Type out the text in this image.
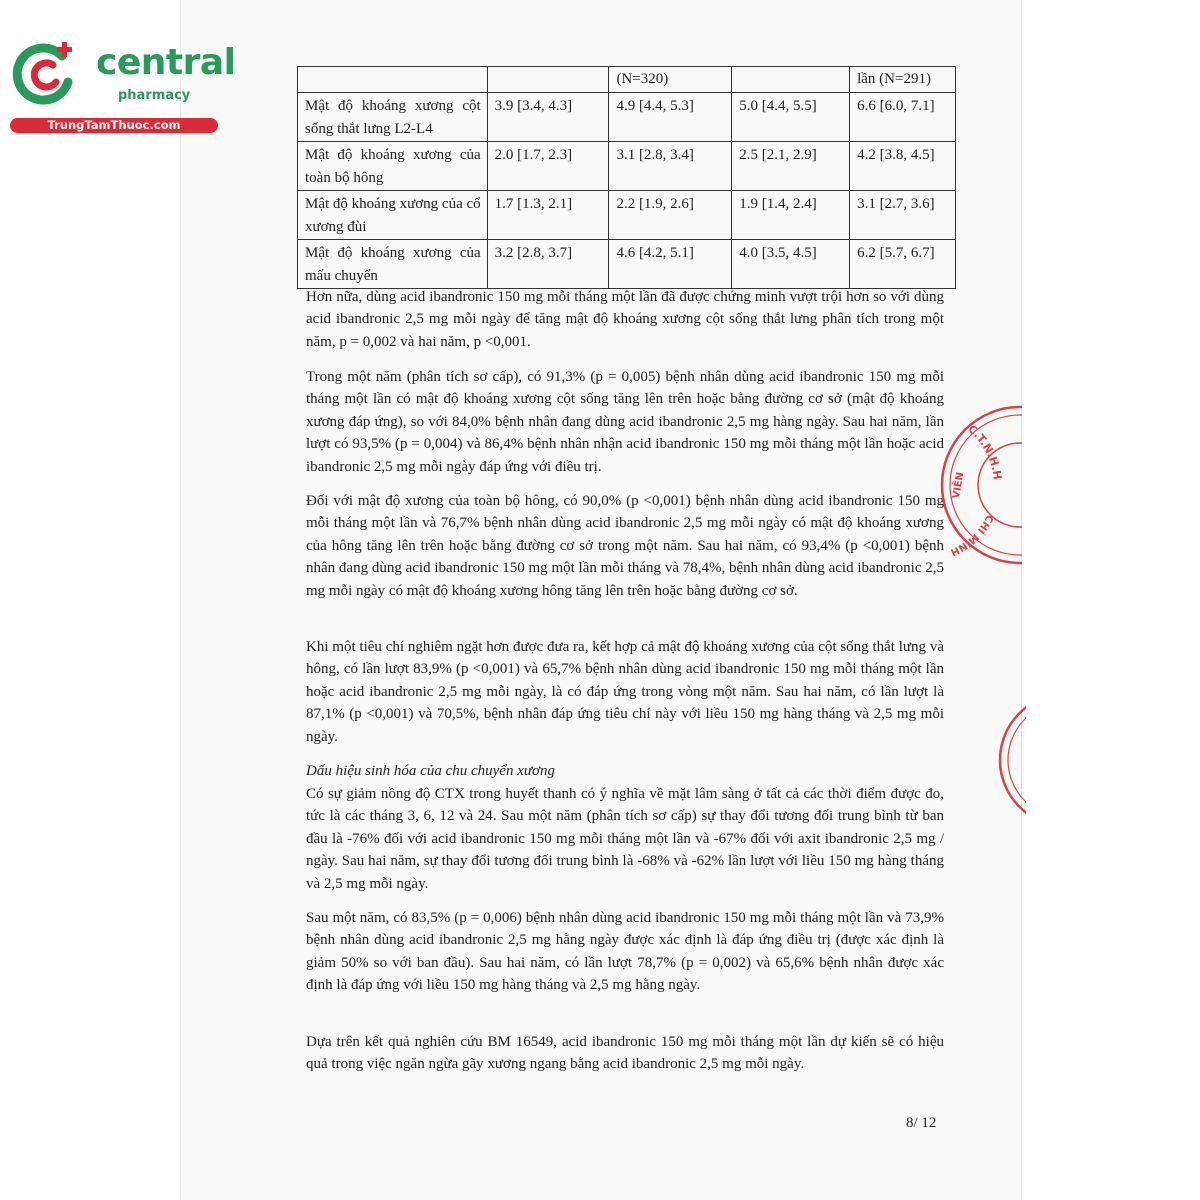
central
pharmacy
TrungTamThuoc.com
		(N=320)		lần (N=291)
Mật độ khoáng xương cột sống thắt lưng L2-L4	3.9 [3.4, 4.3]	4.9 [4.4, 5.3]	5.0 [4.4, 5.5]	6.6 [6.0, 7.1]
Mật độ khoáng xương của toàn bộ hông	2.0 [1.7, 2.3]	3.1 [2.8, 3.4]	2.5 [2.1, 2.9]	4.2 [3.8, 4.5]
Mật độ khoáng xương của cổ xương đùi	1.7 [1.3, 2.1]	2.2 [1.9, 2.6]	1.9 [1.4, 2.4]	3.1 [2.7, 3.6]
Mật độ khoáng xương của mấu chuyển	3.2 [2.8, 3.7]	4.6 [4.2, 5.1]	4.0 [3.5, 4.5]	6.2 [5.7, 6.7]

Hơn nữa, dùng acid ibandronic 150 mg mỗi tháng một lần đã được chứng minh vượt trội hơn so với dùng acid ibandronic 2,5 mg mỗi ngày để tăng mật độ khoáng xương cột sống thắt lưng phân tích trong một năm, p = 0,002 và hai năm, p <0,001.

Trong một năm (phân tích sơ cấp), có 91,3% (p = 0,005) bệnh nhân dùng acid ibandronic 150 mg mỗi tháng một lần có mật độ khoáng xương cột sống tăng lên trên hoặc bằng đường cơ sở (mật độ khoáng xương đáp ứng), so với 84,0% bệnh nhân đang dùng acid ibandronic 2,5 mg hàng ngày. Sau hai năm, lần lượt có 93,5% (p = 0,004) và 86,4% bệnh nhân nhận acid ibandronic 150 mg mỗi tháng một lần hoặc acid ibandronic 2,5 mg mỗi ngày đáp ứng với điều trị.

Đối với mật độ xương của toàn bộ hông, có 90,0% (p <0,001) bệnh nhân dùng acid ibandronic 150 mg mỗi tháng một lần và 76,7% bệnh nhân dùng acid ibandronic 2,5 mg mỗi ngày có mật độ khoáng xương của hông tăng lên trên hoặc bằng đường cơ sở trong một năm. Sau hai năm, có 93,4% (p <0,001) bệnh nhân đang dùng acid ibandronic 150 mg một lần mỗi tháng và 78,4%, bệnh nhân dùng acid ibandronic 2,5 mg mỗi ngày có mật độ khoáng xương hông tăng lên trên hoặc bằng đường cơ sở.

Khi một tiêu chí nghiêm ngặt hơn được đưa ra, kết hợp cả mật độ khoáng xương của cột sống thắt lưng và hông, có lần lượt 83,9% (p <0,001) và 65,7% bệnh nhân dùng acid ibandronic 150 mg mỗi tháng một lần hoặc acid ibandronic 2,5 mg mỗi ngày, là có đáp ứng trong vòng một năm. Sau hai năm, có lần lượt là 87,1% (p <0,001) và 70,5%, bệnh nhân đáp ứng tiêu chí này với liều 150 mg hàng tháng và 2,5 mg mỗi ngày.

Dấu hiệu sinh hóa của chu chuyển xương

Có sự giảm nồng độ CTX trong huyết thanh có ý nghĩa về mặt lâm sàng ở tất cả các thời điểm được đo, tức là các tháng 3, 6, 12 và 24. Sau một năm (phân tích sơ cấp) sự thay đổi tương đối trung bình từ ban đầu là -76% đối với acid ibandronic 150 mg mỗi tháng một lần và -67% đối với axit ibandronic 2,5 mg / ngày. Sau hai năm, sự thay đổi tương đối trung bình là -68% và -62% lần lượt với liều 150 mg hàng tháng và 2,5 mg mỗi ngày.

Sau một năm, có 83,5% (p = 0,006) bệnh nhân dùng acid ibandronic 150 mg mỗi tháng một lần và 73,9% bệnh nhân dùng acid ibandronic 2,5 mg hằng ngày được xác định là đáp ứng điều trị (được xác định là giảm 50% so với ban đầu). Sau hai năm, có lần lượt 78,7% (p = 0,002) và 65,6% bệnh nhân được xác định là đáp ứng với liều 150 mg hàng tháng và 2,5 mg hằng ngày.

Dựa trên kết quả nghiên cứu BM 16549, acid ibandronic 150 mg mỗi tháng một lần dự kiến sẽ có hiệu quả trong việc ngăn ngừa gãy xương ngang bằng acid ibandronic 2,5 mg mỗi ngày.

8/ 12
C.T.N.H.H
VIÊN
CHÍ MINH
